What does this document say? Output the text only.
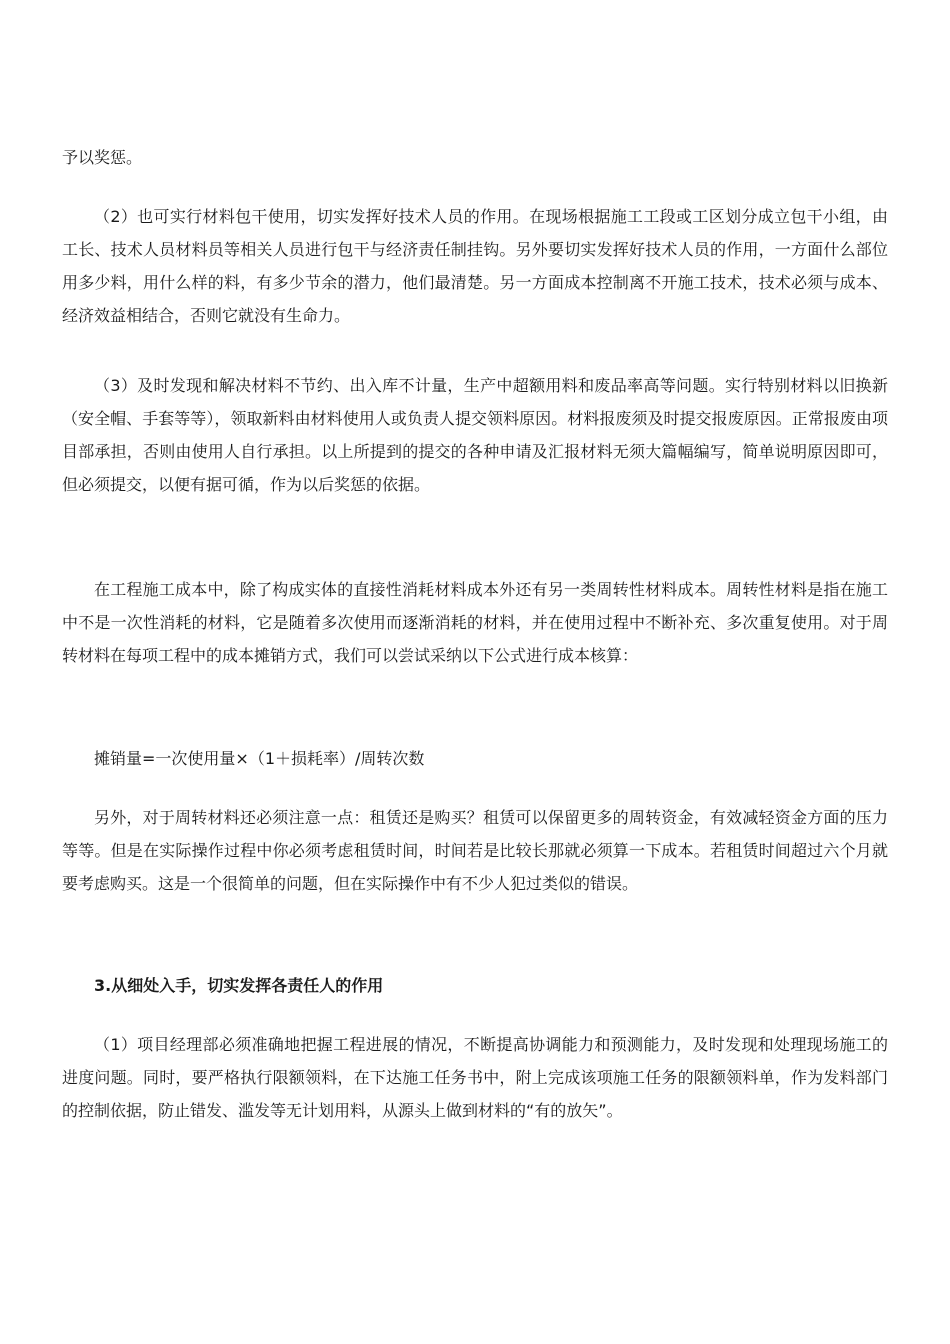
予以奖惩。

（2）也可实行材料包干使用，切实发挥好技术人员的作用。在现场根据施工工段或工区划分成立包干小组，由工长、技术人员材料员等相关人员进行包干与经济责任制挂钩。另外要切实发挥好技术人员的作用，一方面什么部位用多少料，用什么样的料，有多少节余的潜力，他们最清楚。另一方面成本控制离不开施工技术，技术必须与成本、经济效益相结合，否则它就没有生命力。

（3）及时发现和解决材料不节约、出入库不计量，生产中超额用料和废品率高等问题。实行特别材料以旧换新（安全帽、手套等等），领取新料由材料使用人或负责人提交领料原因。材料报废须及时提交报废原因。正常报废由项目部承担，否则由使用人自行承担。以上所提到的提交的各种申请及汇报材料无须大篇幅编写，简单说明原因即可，但必须提交，以便有据可循，作为以后奖惩的依据。

在工程施工成本中，除了构成实体的直接性消耗材料成本外还有另一类周转性材料成本。周转性材料是指在施工中不是一次性消耗的材料，它是随着多次使用而逐渐消耗的材料，并在使用过程中不断补充、多次重复使用。对于周转材料在每项工程中的成本摊销方式，我们可以尝试采纳以下公式进行成本核算：

摊销量=一次使用量×（1＋损耗率）/周转次数

另外，对于周转材料还必须注意一点：租赁还是购买？租赁可以保留更多的周转资金，有效减轻资金方面的压力等等。但是在实际操作过程中你必须考虑租赁时间，时间若是比较长那就必须算一下成本。若租赁时间超过六个月就要考虑购买。这是一个很简单的问题，但在实际操作中有不少人犯过类似的错误。

3.从细处入手，切实发挥各责任人的作用

（1）项目经理部必须准确地把握工程进展的情况，不断提高协调能力和预测能力，及时发现和处理现场施工的进度问题。同时，要严格执行限额领料，在下达施工任务书中，附上完成该项施工任务的限额领料单，作为发料部门的控制依据，防止错发、滥发等无计划用料，从源头上做到材料的“有的放矢”。
